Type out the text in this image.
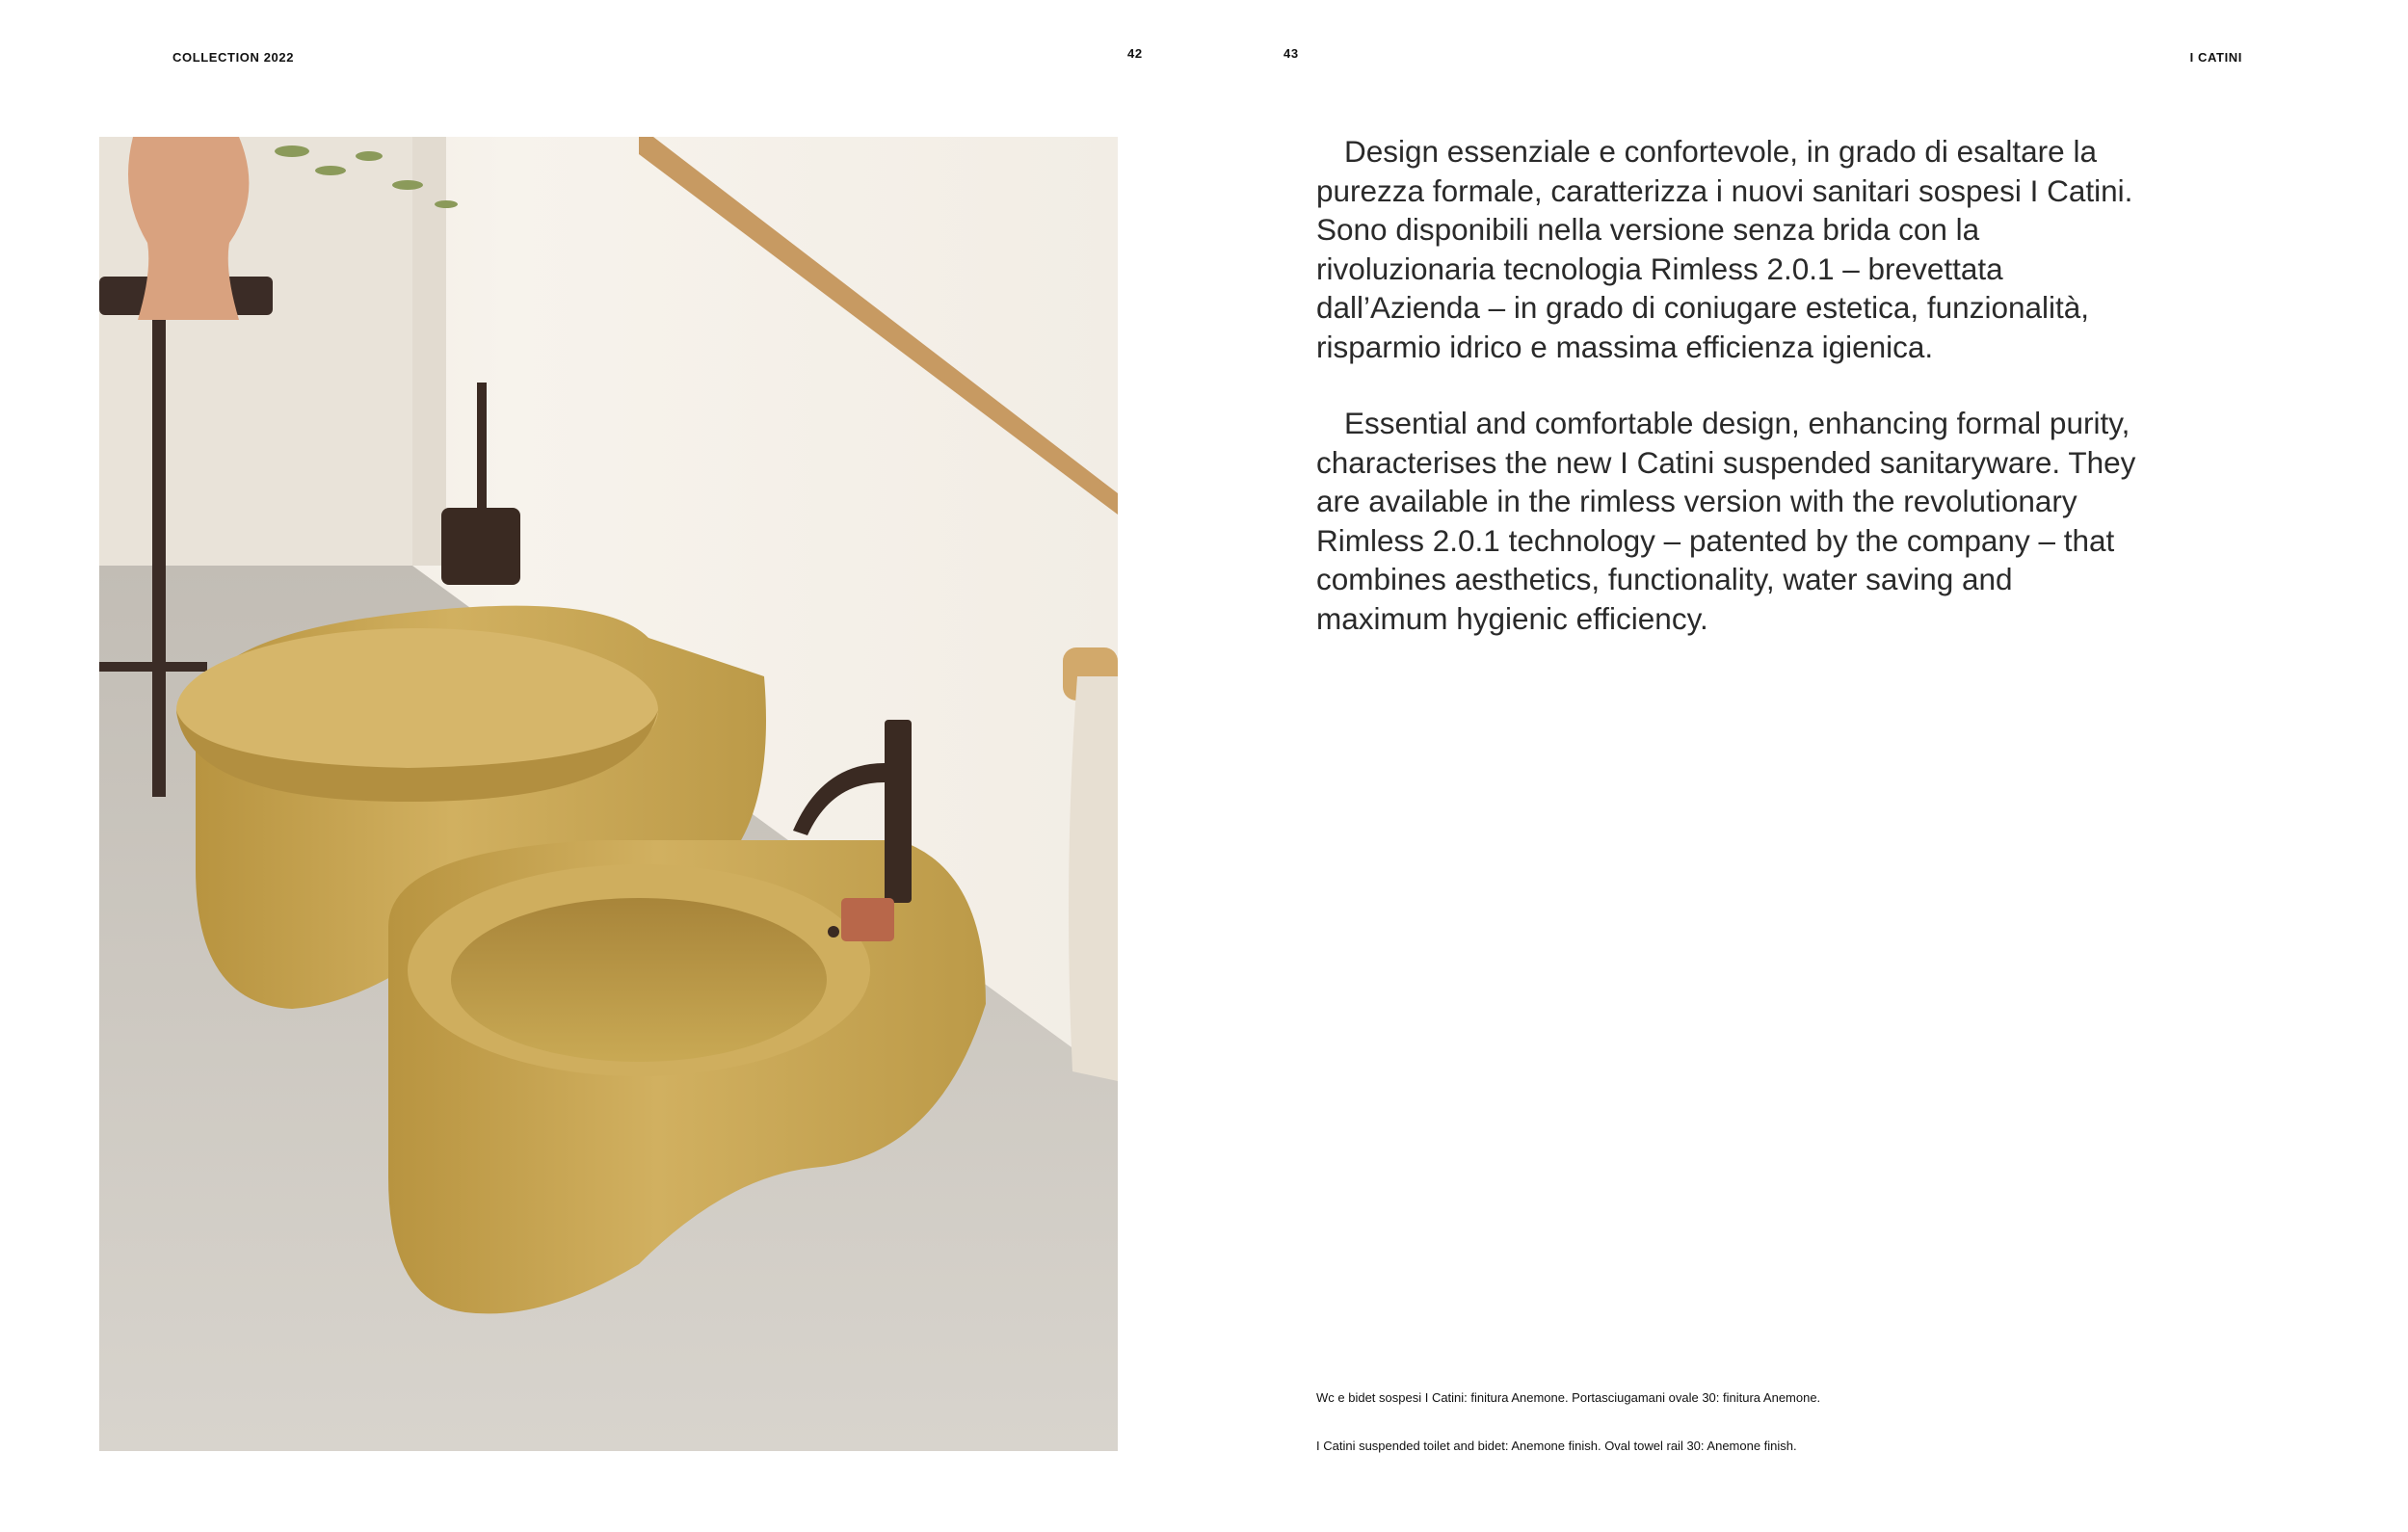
COLLECTION 2022	42	43	I CATINI

Design essenziale e confortevole, in grado di esaltare la purezza formale, caratterizza i nuovi sanitari sospesi I Catini. Sono disponibili nella versione senza brida con la rivoluzionaria tecnologia Rimless 2.0.1 – brevettata dall’Azienda – in grado di coniugare estetica, funzionalità, risparmio idrico e massima efficienza igienica.

Essential and comfortable design, enhancing formal purity, characterises the new I Catini suspended sanitaryware. They are available in the rimless version with the revolutionary Rimless 2.0.1 technology – patented by the company – that combines aesthetics, functionality, water saving and maximum hygienic efficiency.

Wc e bidet sospesi I Catini: finitura Anemone. Portasciugamani ovale 30: finitura Anemone.
I Catini suspended toilet and bidet: Anemone finish. Oval towel rail 30: Anemone finish.
